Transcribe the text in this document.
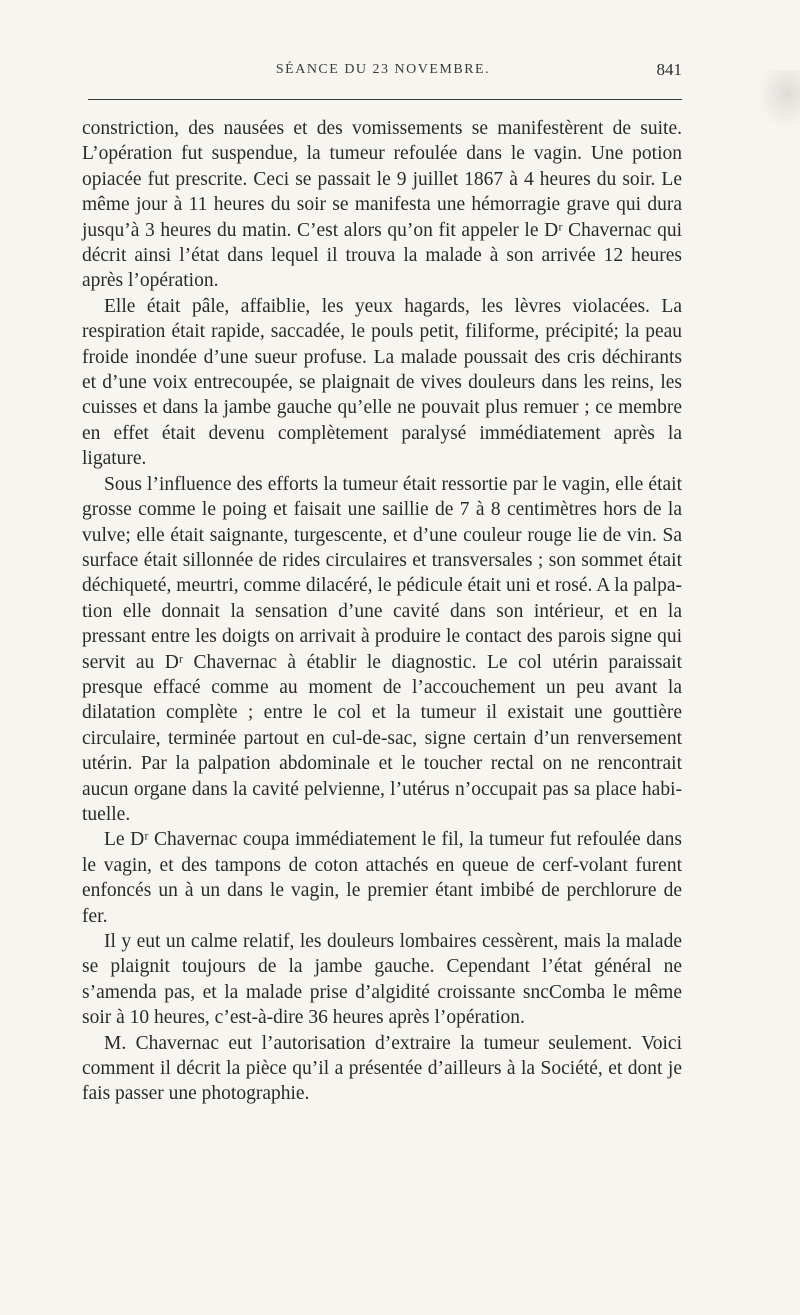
SÉANCE DU 23 NOVEMBRE.	841

constriction, des nausées et des vomissements se manifestèrent de suite. L’opération fut suspendue, la tumeur refoulée dans le vagin. Une potion opiacée fut prescrite. Ceci se passait le 9 juillet 1867 à 4 heures du soir. Le même jour à 11 heures du soir se manifesta une hémorragie grave qui dura jusqu’à 3 heures du matin. C’est alors qu’on fit appeler le Dʳ Chavernac qui décrit ainsi l’état dans lequel il trouva la malade à son arrivée 12 heures après l’opération.

Elle était pâle, affaiblie, les yeux hagards, les lèvres violacées. La respiration était rapide, saccadée, le pouls petit, filiforme, précipité; la peau froide inondée d’une sueur profuse. La malade poussait des cris déchirants et d’une voix entrecoupée, se plaignait de vives douleurs dans les reins, les cuisses et dans la jambe gauche qu’elle ne pouvait plus remuer ; ce membre en effet était devenu complètement paralysé immédiatement après la ligature.

Sous l’influence des efforts la tumeur était ressortie par le vagin, elle était grosse comme le poing et faisait une saillie de 7 à 8 centimètres hors de la vulve; elle était saignante, turgescente, et d’une couleur rouge lie de vin. Sa surface était sillonnée de rides circulaires et transversales ; son sommet était déchiqueté, meurtri, comme dilacéré, le pédicule était uni et rosé. A la palpation elle donnait la sensation d’une cavité dans son intérieur, et en la pressant entre les doigts on arrivait à produire le contact des parois signe qui servit au Dʳ Chavernac à établir le diagnostic. Le col utérin paraissait presque effacé comme au moment de l’accouchement un peu avant la dilatation complète ; entre le col et la tumeur il existait une gouttière circulaire, terminée partout en cul-de-sac, signe certain d’un renversement utérin. Par la palpation abdominale et le toucher rectal on ne rencontrait aucun organe dans la cavité pelvienne, l’utérus n’occupait pas sa place habituelle.

Le Dʳ Chavernac coupa immédiatement le fil, la tumeur fut refoulée dans le vagin, et des tampons de coton attachés en queue de cerf-volant furent enfoncés un à un dans le vagin, le premier étant imbibé de perchlorure de fer.

Il y eut un calme relatif, les douleurs lombaires cessèrent, mais la malade se plaignit toujours de la jambe gauche. Cependant l’état général ne s’amenda pas, et la malade prise d’algidité croissante sncComba le même soir à 10 heures, c’est-à-dire 36 heures après l’opération.

M. Chavernac eut l’autorisation d’extraire la tumeur seulement. Voici comment il décrit la pièce qu’il a présentée d’ailleurs à la Société, et dont je fais passer une photographie.
